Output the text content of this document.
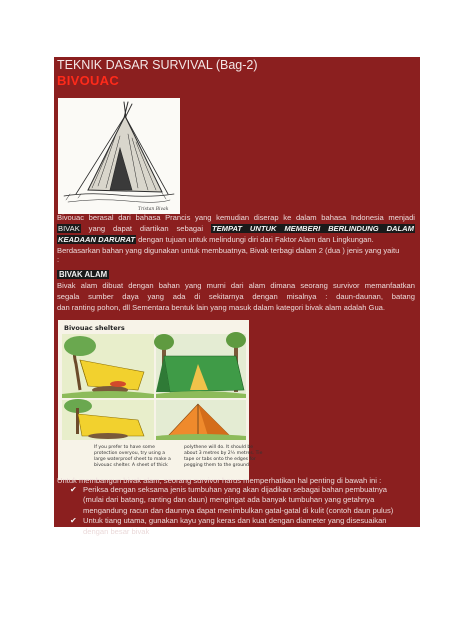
TEKNIK DASAR SURVIVAL (Bag-2)
BIVOUAC
Tristan Bivak
Bivouac berasal dari bahasa Prancis yang kemudian diserap ke dalam bahasa Indonesia menjadi
BIVAK yang dapat diartikan sebagai TEMPAT UNTUK MEMBERI BERLINDUNG DALAM
KEADAAN DARURAT dengan tujuan untuk melindungi diri dari Faktor Alam dan Lingkungan.
Berdasarkan bahan yang digunakan untuk membuatnya, Bivak terbagi dalam 2 (dua ) jenis yang yaitu
:
BIVAK ALAM
Bivak alam dibuat dengan bahan yang murni dari alam dimana seorang survivor memanfaatkan
segala sumber daya yang ada di sekitarnya dengan misalnya : daun-daunan, batang
dan ranting pohon, dll Sementara bentuk lain yang masuk dalam kategori bivak alam adalah Gua.
Bivouac shelters
If you prefer to have some
protection overyou, try using a
large waterproof sheet to make a
bivouac shelter. A sheet of thick
polythene will do. It should be
about 3 metres by 2½ metres. Tie
tape or tabs onto the edges for
pegging them to the ground
Untuk membangun bivak alam, seorang survivor harus memperhatikan hal penting di bawah ini :
✔ Periksa dengan seksama jenis tumbuhan yang akan dijadikan sebagai bahan pembuatnya
(mulai dari batang, ranting dan daun) mengingat ada banyak tumbuhan yang getahnya
mengandung racun dan daunnya dapat menimbulkan gatal-gatal di kulit (contoh daun pulus)
✔ Untuk tiang utama, gunakan kayu yang keras dan kuat dengan diameter yang disesuaikan
dengan besar bivak
